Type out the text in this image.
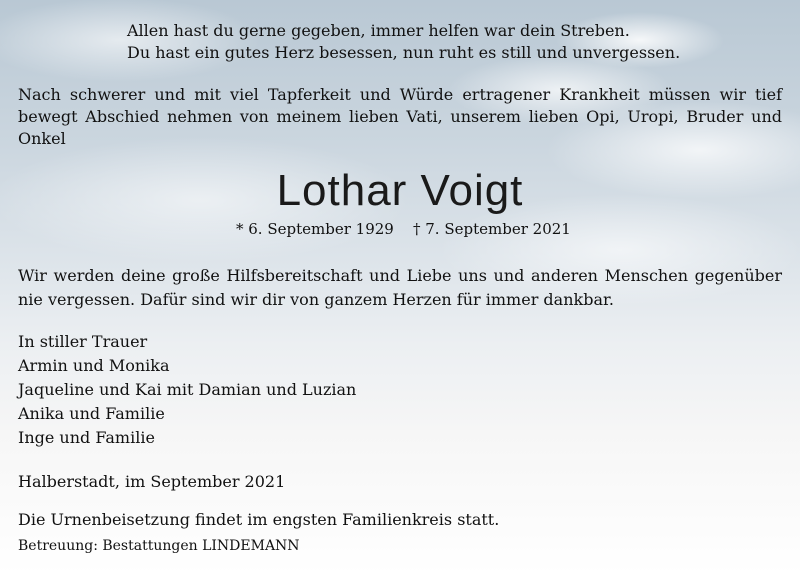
Allen hast du gerne gegeben, immer helfen war dein Streben.

Du hast ein gutes Herz besessen, nun ruht es still und unvergessen.

Nach schwerer und mit viel Tapferkeit und Würde ertragener Krankheit müssen wir tief bewegt Abschied nehmen von meinem lieben Vati, unserem lieben Opi, Uropi, Bruder und Onkel

Lothar Voigt
* 6. September 1929 † 7. September 2021

Wir werden deine große Hilfsbereitschaft und Liebe uns und anderen Menschen gegenüber nie vergessen. Dafür sind wir dir von ganzem Herzen für immer dankbar.

In stiller Trauer

Armin und Monika

Jaqueline und Kai mit Damian und Luzian

Anika und Familie

Inge und Familie

Halberstadt, im September 2021

Die Urnenbeisetzung findet im engsten Familienkreis statt.

Betreuung: Bestattungen LINDEMANN
